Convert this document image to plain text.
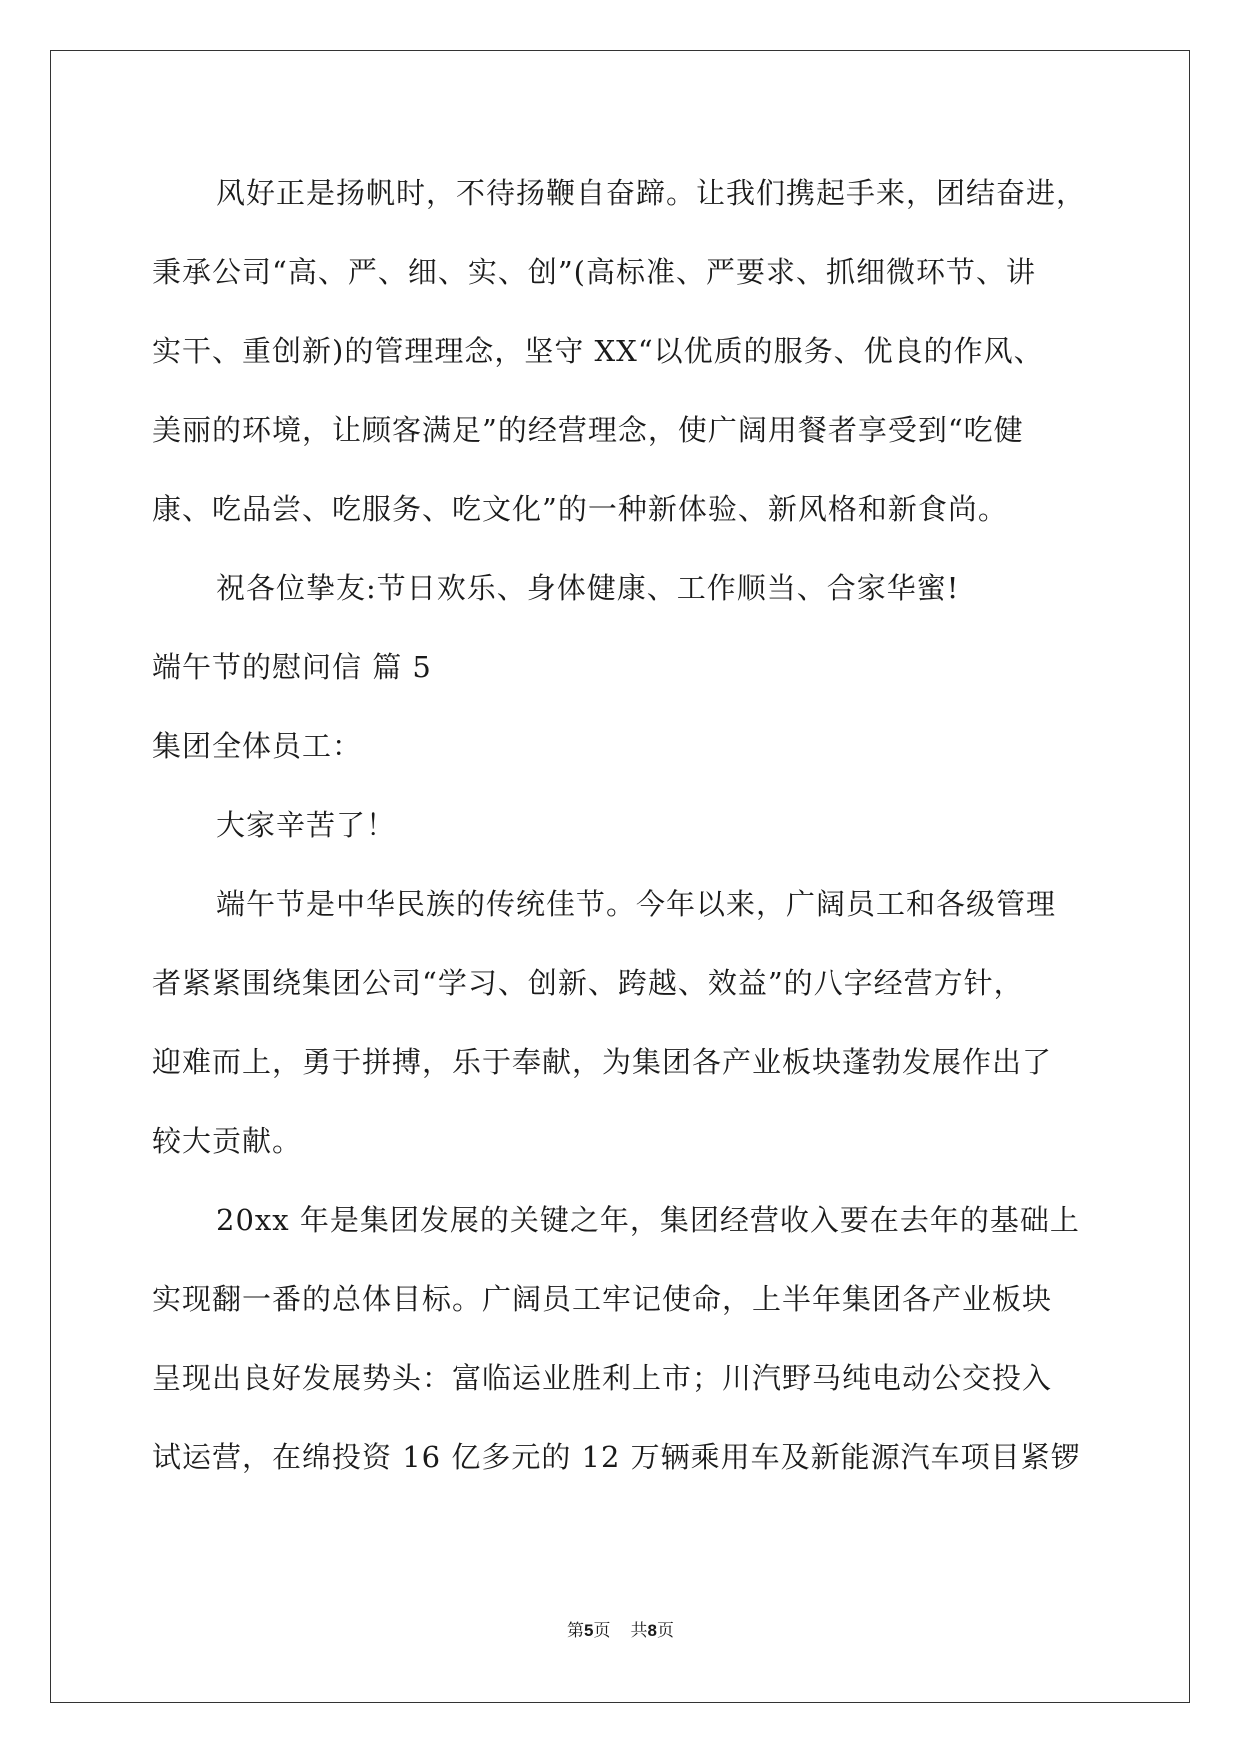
风好正是扬帆时，不待扬鞭自奋蹄。让我们携起手来，团结奋进，
秉承公司“高、严、细、实、创”(高标准、严要求、抓细微环节、讲
实干、重创新)的管理理念，坚守 XX“以优质的服务、优良的作风、
美丽的环境，让顾客满足”的经营理念，使广阔用餐者享受到“吃健
康、吃品尝、吃服务、吃文化”的一种新体验、新风格和新食尚。
祝各位挚友:节日欢乐、身体健康、工作顺当、合家华蜜!
端午节的慰问信 篇 5
集团全体员工：
大家辛苦了！
端午节是中华民族的传统佳节。今年以来，广阔员工和各级管理
者紧紧围绕集团公司“学习、创新、跨越、效益”的八字经营方针，
迎难而上，勇于拼搏，乐于奉献，为集团各产业板块蓬勃发展作出了
较大贡献。
20xx 年是集团发展的关键之年，集团经营收入要在去年的基础上
实现翻一番的总体目标。广阔员工牢记使命，上半年集团各产业板块
呈现出良好发展势头：富临运业胜利上市；川汽野马纯电动公交投入
试运营，在绵投资 16 亿多元的 12 万辆乘用车及新能源汽车项目紧锣
第5页 共8页
